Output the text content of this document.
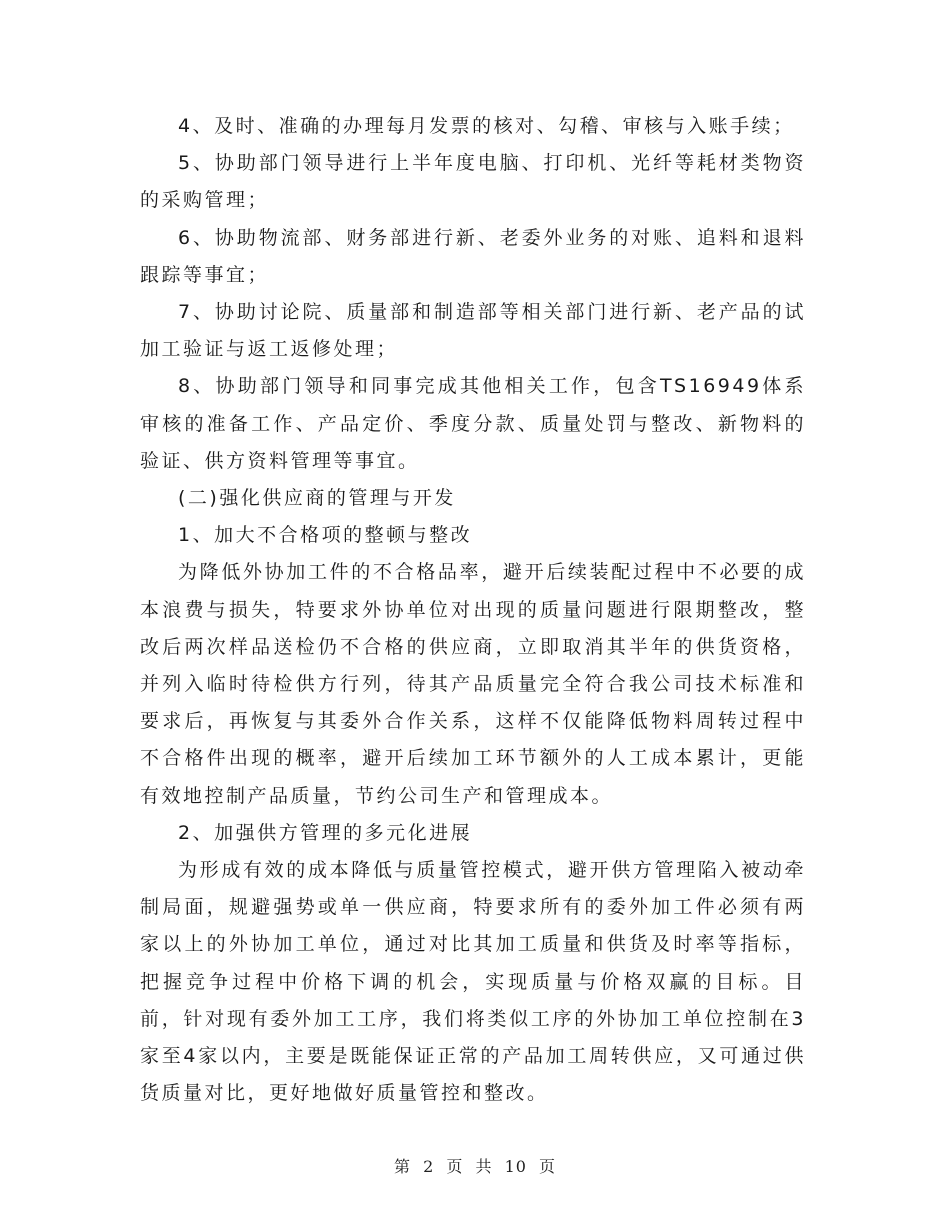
4、及时、准确的办理每月发票的核对、勾稽、审核与入账手续；

5、协助部门领导进行上半年度电脑、打印机、光纤等耗材类物资的采购管理；

6、协助物流部、财务部进行新、老委外业务的对账、追料和退料跟踪等事宜；

7、协助讨论院、质量部和制造部等相关部门进行新、老产品的试加工验证与返工返修处理；

8、协助部门领导和同事完成其他相关工作，包含TS16949体系审核的准备工作、产品定价、季度分款、质量处罚与整改、新物料的验证、供方资料管理等事宜。

(二)强化供应商的管理与开发

1、加大不合格项的整顿与整改

为降低外协加工件的不合格品率，避开后续装配过程中不必要的成本浪费与损失，特要求外协单位对出现的质量问题进行限期整改，整改后两次样品送检仍不合格的供应商，立即取消其半年的供货资格，并列入临时待检供方行列，待其产品质量完全符合我公司技术标准和要求后，再恢复与其委外合作关系，这样不仅能降低物料周转过程中不合格件出现的概率，避开后续加工环节额外的人工成本累计，更能有效地控制产品质量，节约公司生产和管理成本。

2、加强供方管理的多元化进展

为形成有效的成本降低与质量管控模式，避开供方管理陷入被动牵制局面，规避强势或单一供应商，特要求所有的委外加工件必须有两家以上的外协加工单位，通过对比其加工质量和供货及时率等指标，把握竞争过程中价格下调的机会，实现质量与价格双赢的目标。目前，针对现有委外加工工序，我们将类似工序的外协加工单位控制在3家至4家以内，主要是既能保证正常的产品加工周转供应，又可通过供货质量对比，更好地做好质量管控和整改。

第 2 页 共 10 页
